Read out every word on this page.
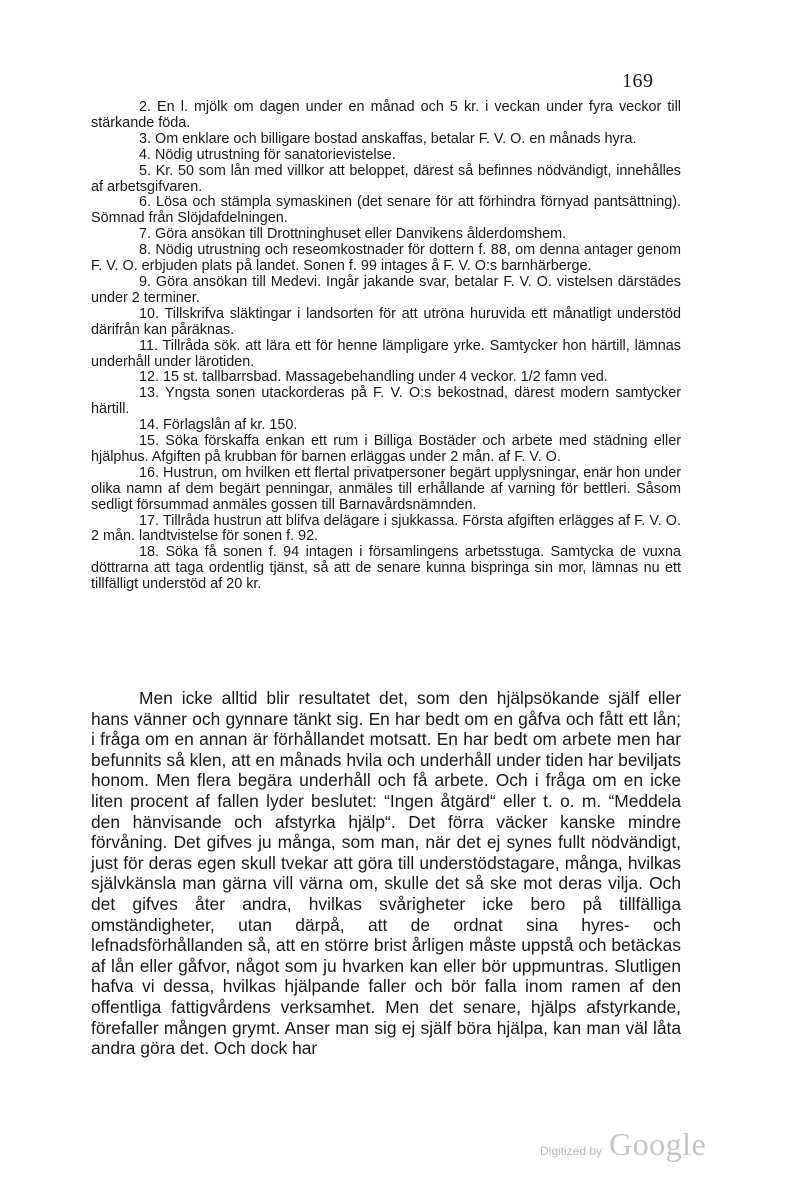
169

2. En l. mjölk om dagen under en månad och 5 kr. i veckan under fyra veckor till stärkande föda.

3. Om enklare och billigare bostad anskaffas, betalar F. V. O. en månads hyra.

4. Nödig utrustning för sanatorievistelse.

5. Kr. 50 som lån med villkor att beloppet, därest så befinnes nödvändigt, innehålles af arbetsgifvaren.

6. Lösa och stämpla symaskinen (det senare för att förhindra förnyad pantsättning). Sömnad från Slöjdafdelningen.

7. Göra ansökan till Drottninghuset eller Danvikens ålderdomshem.

8. Nödig utrustning och reseomkostnader för dottern f. 88, om denna antager genom F. V. O. erbjuden plats på landet. Sonen f. 99 intages å F. V. O:s barnhärberge.

9. Göra ansökan till Medevi. Ingår jakande svar, betalar F. V. O. vistelsen därstädes under 2 terminer.

10. Tillskrifva släktingar i landsorten för att utröna huruvida ett månatligt understöd därifrån kan påräknas.

11. Tillråda sök. att lära ett för henne lämpligare yrke. Samtycker hon härtill, lämnas underhåll under lärotiden.

12. 15 st. tallbarrsbad. Massagebehandling under 4 veckor. 1/2 famn ved.

13. Yngsta sonen utackorderas på F. V. O:s bekostnad, därest modern samtycker härtill.

14. Förlagslån af kr. 150.

15. Söka förskaffa enkan ett rum i Billiga Bostäder och arbete med städning eller hjälphus. Afgiften på krubban för barnen erläggas under 2 mån. af F. V. O.

16. Hustrun, om hvilken ett flertal privatpersoner begärt upplysningar, enär hon under olika namn af dem begärt penningar, anmäles till erhållande af varning för bettleri. Såsom sedligt försummad anmäles gossen till Barnavårdsnämnden.

17. Tillråda hustrun att blifva delägare i sjukkassa. Första afgiften erlägges af F. V. O. 2 mån. landtvistelse för sonen f. 92.

18. Söka få sonen f. 94 intagen i församlingens arbetsstuga. Samtycka de vuxna döttrarna att taga ordentlig tjänst, så att de senare kunna bispringa sin mor, lämnas nu ett tillfälligt understöd af 20 kr.

Men icke alltid blir resultatet det, som den hjälpsökande själf eller hans vänner och gynnare tänkt sig. En har bedt om en gåfva och fått ett lån; i fråga om en annan är förhållandet motsatt. En har bedt om arbete men har befunnits så klen, att en månads hvila och underhåll under tiden har beviljats honom. Men flera begära underhåll och få arbete. Och i fråga om en icke liten procent af fallen lyder beslutet: “Ingen åtgärd“ eller t. o. m. “Meddela den hänvisande och afstyrka hjälp“. Det förra väcker kanske mindre förvåning. Det gifves ju många, som man, när det ej synes fullt nödvändigt, just för deras egen skull tvekar att göra till understödstagare, många, hvilkas självkänsla man gärna vill värna om, skulle det så ske mot deras vilja. Och det gifves åter andra, hvilkas svårigheter icke bero på tillfälliga omständigheter, utan därpå, att de ordnat sina hyres- och lefnadsförhållanden så, att en större brist årligen måste uppstå och betäckas af lån eller gåfvor, något som ju hvarken kan eller bör uppmuntras. Slutligen hafva vi dessa, hvilkas hjälpande faller och bör falla inom ramen af den offentliga fattigvårdens verksamhet. Men det senare, hjälps afstyrkande, förefaller mången grymt. Anser man sig ej själf böra hjälpa, kan man väl låta andra göra det. Och dock har

Digitized by Google
